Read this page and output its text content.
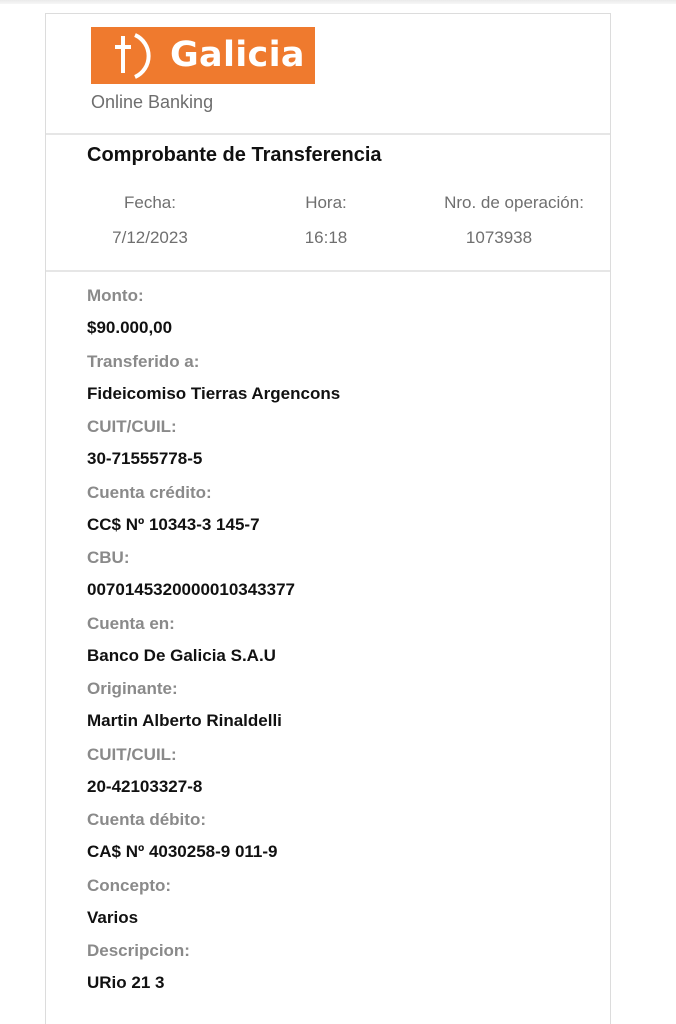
Galicia
Online Banking
Comprobante de Transferencia
Fecha:
7/12/2023
Hora:
16:18
Nro. de operación:
1073938
Monto:
$90.000,00
Transferido a:
Fideicomiso Tierras Argencons
CUIT/CUIL:
30-71555778-5
Cuenta crédito:
CC$ Nº 10343-3 145-7
CBU:
0070145320000010343377
Cuenta en:
Banco De Galicia S.A.U
Originante:
Martin Alberto Rinaldelli
CUIT/CUIL:
20-42103327-8
Cuenta débito:
CA$ Nº 4030258-9 011-9
Concepto:
Varios
Descripcion:
URio 21 3
